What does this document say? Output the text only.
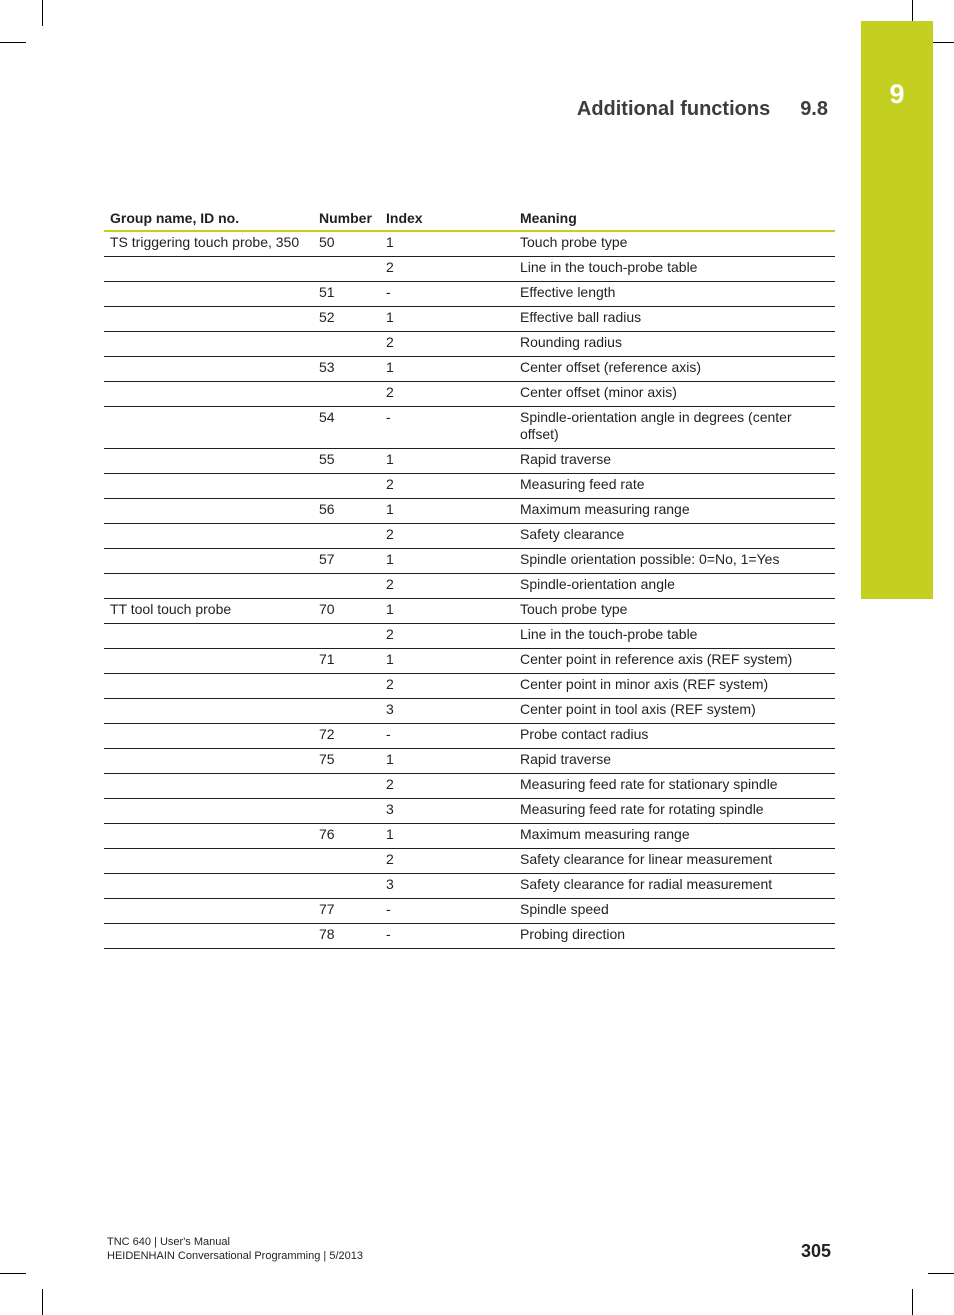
9
Additional functions 9.8
Group name, ID no.	Number	Index	Meaning
TS triggering touch probe, 350	50	1	Touch probe type
		2	Line in the touch-probe table
	51	-	Effective length
	52	1	Effective ball radius
		2	Rounding radius
	53	1	Center offset (reference axis)
		2	Center offset (minor axis)
	54	-	Spindle-orientation angle in degrees (center offset)
	55	1	Rapid traverse
		2	Measuring feed rate
	56	1	Maximum measuring range
		2	Safety clearance
	57	1	Spindle orientation possible: 0=No, 1=Yes
		2	Spindle-orientation angle
TT tool touch probe	70	1	Touch probe type
		2	Line in the touch-probe table
	71	1	Center point in reference axis (REF system)
		2	Center point in minor axis (REF system)
		3	Center point in tool axis (REF system)
	72	-	Probe contact radius
	75	1	Rapid traverse
		2	Measuring feed rate for stationary spindle
		3	Measuring feed rate for rotating spindle
	76	1	Maximum measuring range
		2	Safety clearance for linear measurement
		3	Safety clearance for radial measurement
	77	-	Spindle speed
	78	-	Probing direction
TNC 640 | User's Manual
HEIDENHAIN Conversational Programming | 5/2013	305
